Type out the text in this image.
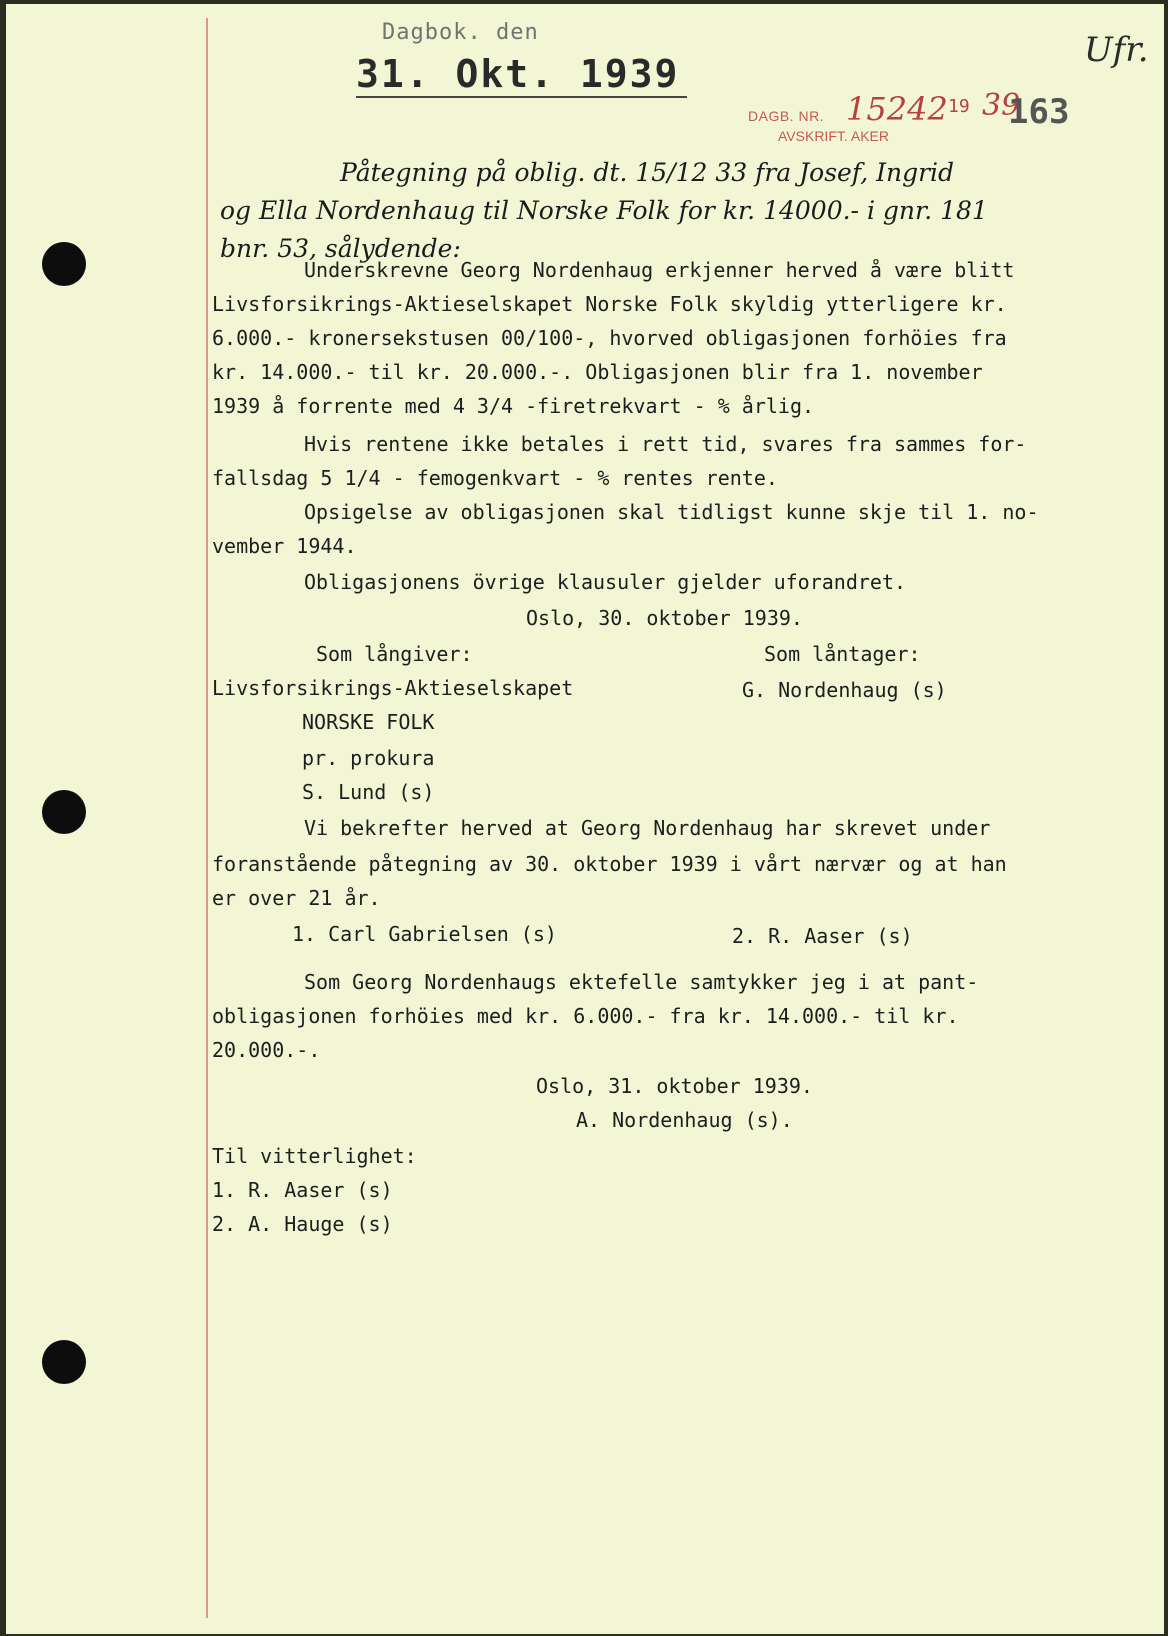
Dagbok. den
31. Okt. 1939
Ufr.
DAGB. NR. 15242 19 39
AVSKRIFT. AKER
163
Påtegning på oblig. dt. 15/12 33 fra Josef, Ingrid
og Ella Nordenhaug til Norske Folk for kr. 14000.- i gnr. 181
bnr. 53, sålydende:
Underskrevne Georg Nordenhaug erkjenner herved å være blitt
Livsforsikrings-Aktieselskapet Norske Folk skyldig ytterligere kr.
6.000.- kronersekstusen 00/100-, hvorved obligasjonen forhöies fra
kr. 14.000.- til kr. 20.000.-. Obligasjonen blir fra 1. november
1939 å forrente med 4 3/4 -firetrekvart - % årlig.
Hvis rentene ikke betales i rett tid, svares fra sammes for-
fallsdag 5 1/4 - femogenkvart - % rentes rente.
Opsigelse av obligasjonen skal tidligst kunne skje til 1. no-
vember 1944.
Obligasjonens övrige klausuler gjelder uforandret.
Oslo, 30. oktober 1939.
Som långiver:	Som låntager:
Livsforsikrings-Aktieselskapet	G. Nordenhaug (s)
NORSKE FOLK
pr. prokura
S. Lund (s)
Vi bekrefter herved at Georg Nordenhaug har skrevet under
foranstående påtegning av 30. oktober 1939 i vårt nærvær og at han
er over 21 år.
1. Carl Gabrielsen (s)	2. R. Aaser (s)
Som Georg Nordenhaugs ektefelle samtykker jeg i at pant-
obligasjonen forhöies med kr. 6.000.- fra kr. 14.000.- til kr.
20.000.-.
Oslo, 31. oktober 1939.
A. Nordenhaug (s).
Til vitterlighet:
1. R. Aaser (s)
2. A. Hauge (s)
